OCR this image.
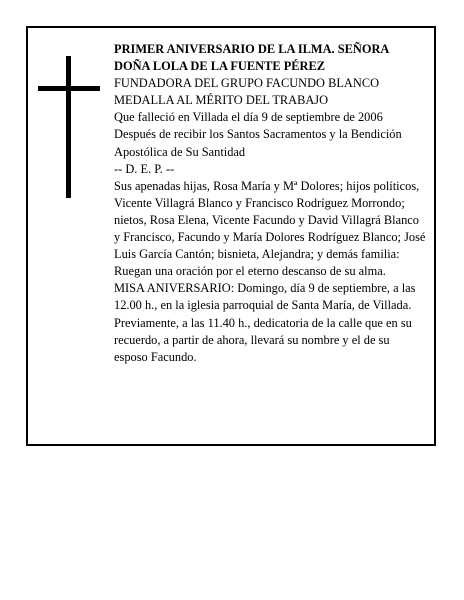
PRIMER ANIVERSARIO DE LA ILMA. SEÑORA DOÑA LOLA DE LA FUENTE PÉREZ

FUNDADORA DEL GRUPO FACUNDO BLANCO

MEDALLA AL MÉRITO DEL TRABAJO

Que falleció en Villada el día 9 de septiembre de 2006

Después de recibir los Santos Sacramentos y la Bendición Apostólica de Su Santidad

-- D. E. P. --

Sus apenadas hijas, Rosa María y Mª Dolores; hijos políticos, Vicente Villagrá Blanco y Francisco Rodríguez Morrondo; nietos, Rosa Elena, Vicente Facundo y David Villagrá Blanco y Francisco, Facundo y María Dolores Rodríguez Blanco; José Luis García Cantón; bisnieta, Alejandra; y demás familia:

Ruegan una oración por el eterno descanso de su alma.

MISA ANIVERSARIO: Domingo, día 9 de septiembre, a las 12.00 h., en la iglesia parroquial de Santa María, de Villada.

Previamente, a las 11.40 h., dedicatoria de la calle que en su recuerdo, a partir de ahora, llevará su nombre y el de su esposo Facundo.
